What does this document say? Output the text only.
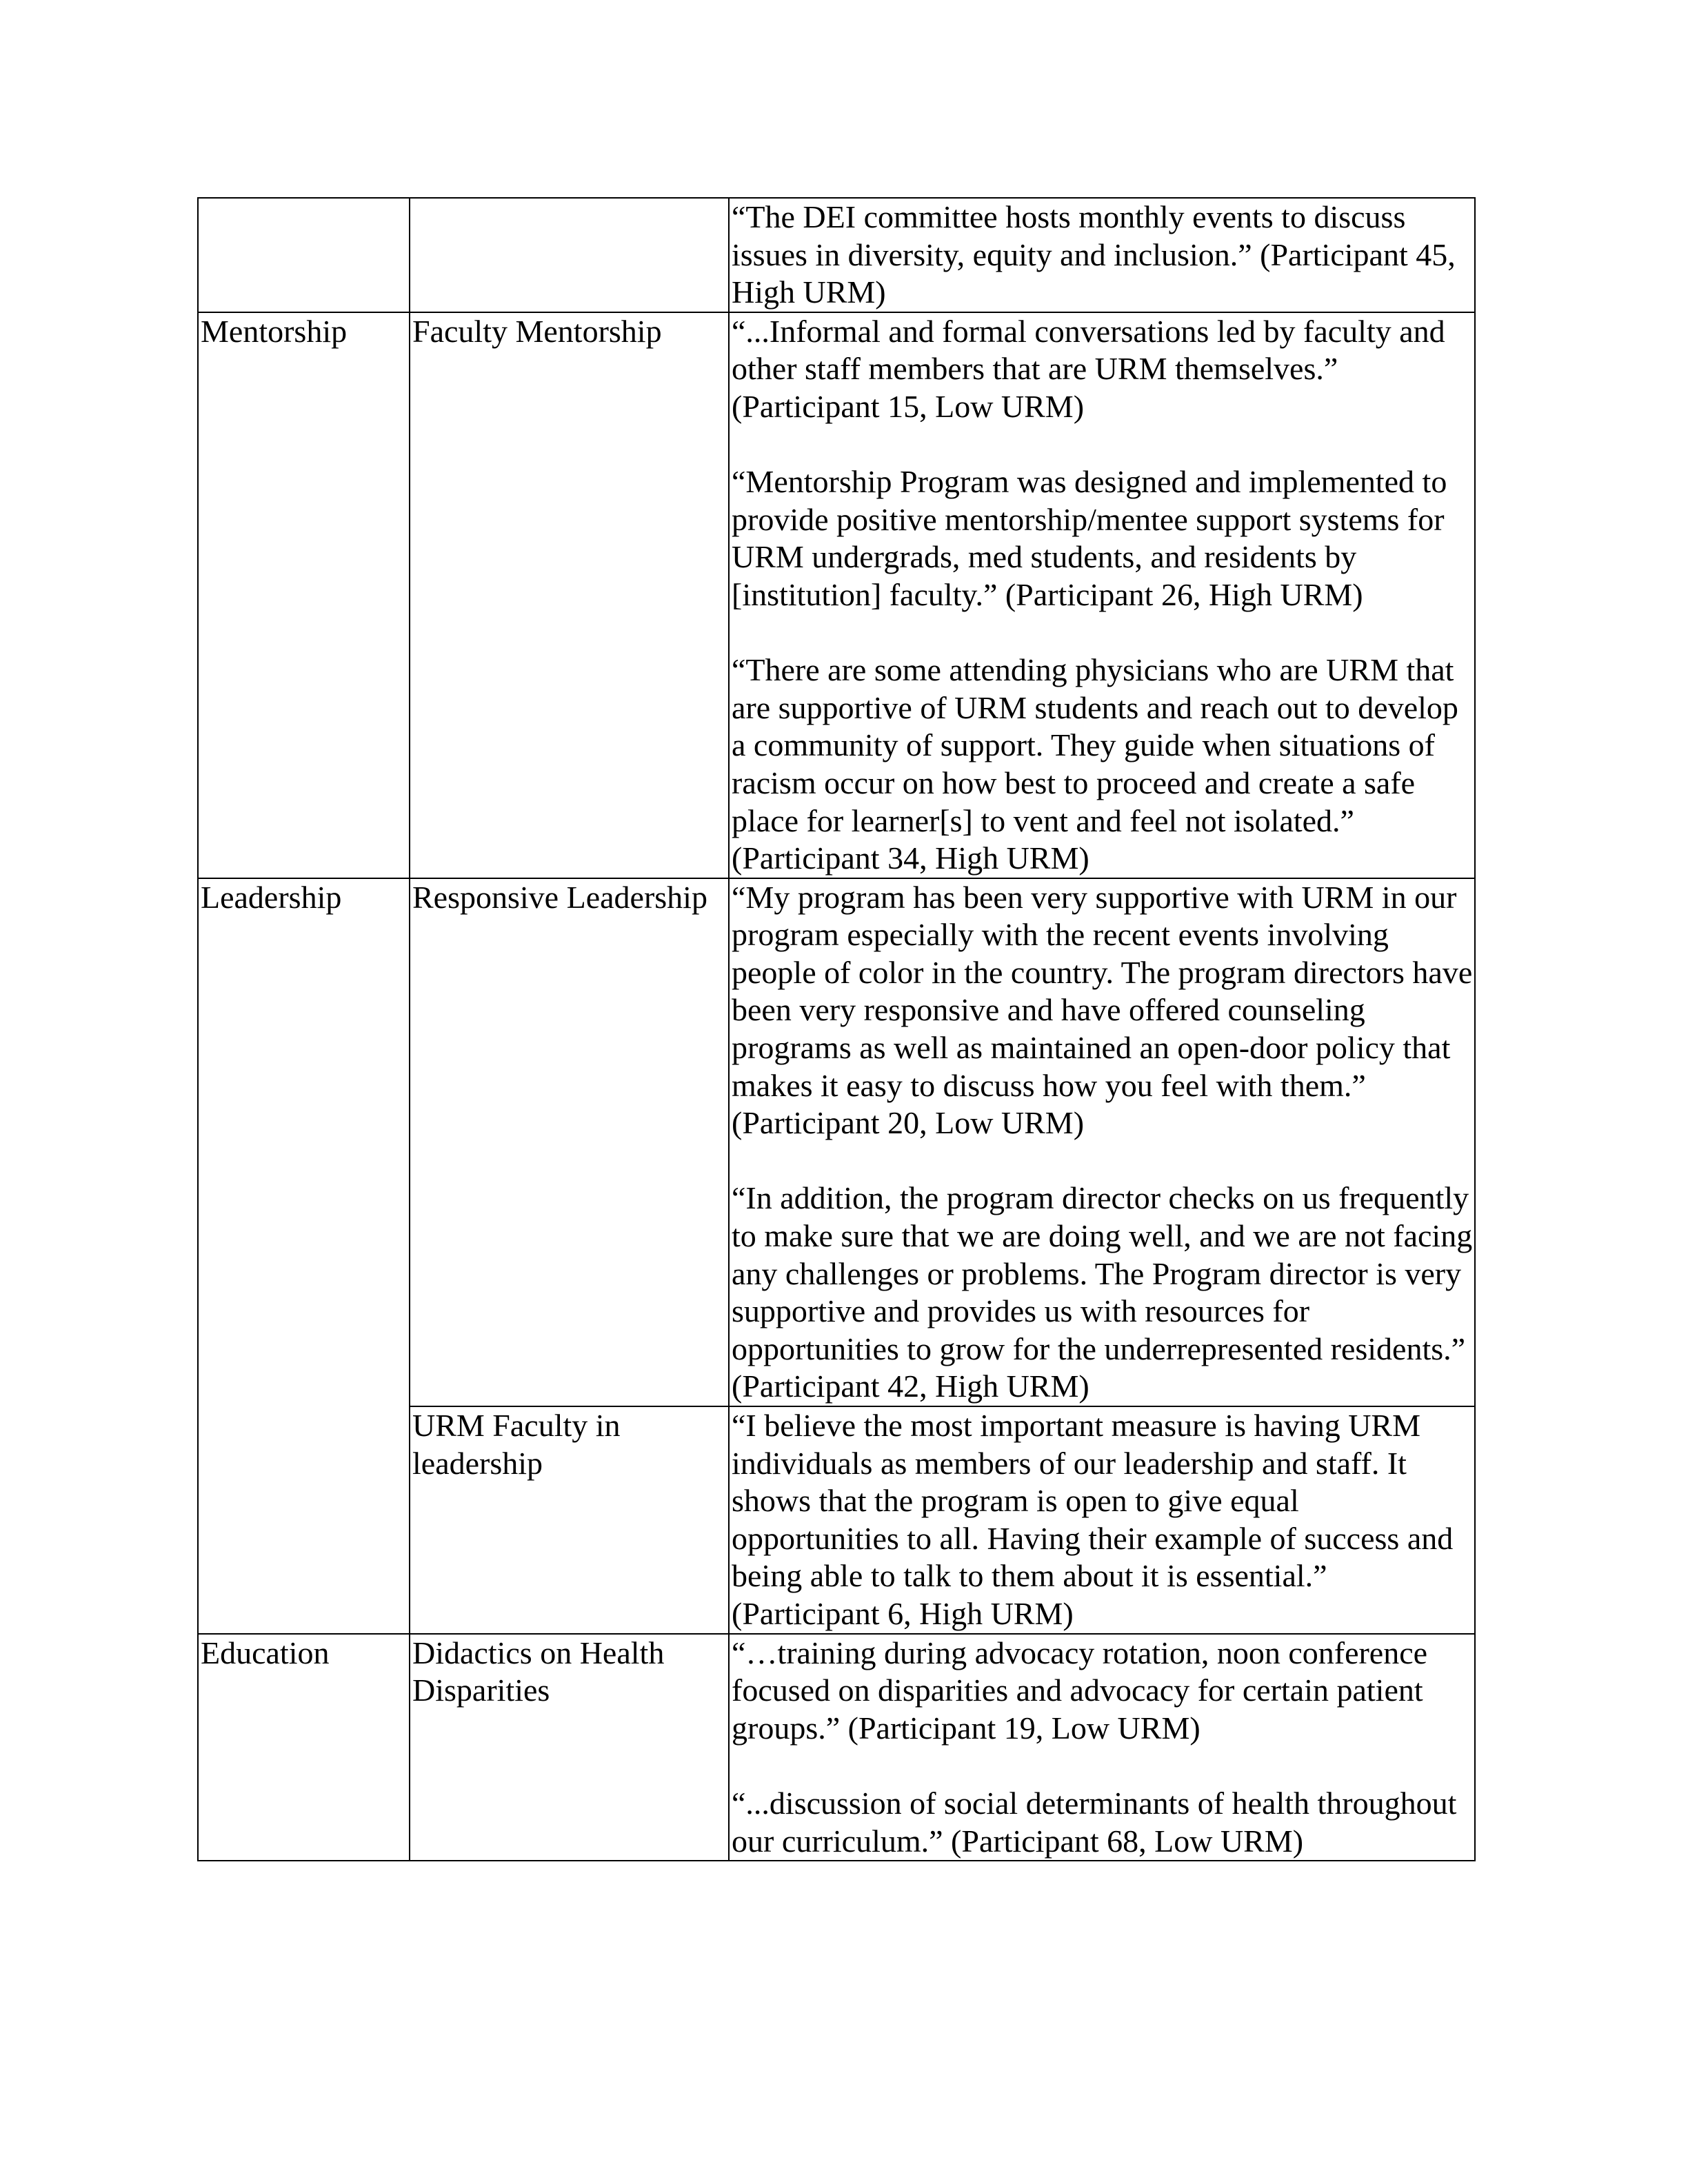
		“The DEI committee hosts monthly events to discuss issues in diversity, equity and inclusion.” (Participant 45, High URM)

Mentorship	Faculty Mentorship	“...Informal and formal conversations led by faculty and other staff members that are URM themselves.” (Participant 15, Low URM)
“Mentorship Program was designed and implemented to provide positive mentorship/mentee support systems for URM undergrads, med students, and residents by [institution] faculty.” (Participant 26, High URM)
“There are some attending physicians who are URM that are supportive of URM students and reach out to develop a community of support. They guide when situations of racism occur on how best to proceed and create a safe place for learner[s] to vent and feel not isolated.” (Participant 34, High URM)

Leadership	Responsive Leadership	“My program has been very supportive with URM in our program especially with the recent events involving people of color in the country. The program directors have been very responsive and have offered counseling programs as well as maintained an open-door policy that makes it easy to discuss how you feel with them.” (Participant 20, Low URM)
“In addition, the program director checks on us frequently to make sure that we are doing well, and we are not facing any challenges or problems. The Program director is very supportive and provides us with resources for opportunities to grow for the underrepresented residents.” (Participant 42, High URM)

	URM Faculty in leadership	“I believe the most important measure is having URM individuals as members of our leadership and staff. It shows that the program is open to give equal opportunities to all. Having their example of success and being able to talk to them about it is essential.” (Participant 6, High URM)

Education	Didactics on Health Disparities	“…training during advocacy rotation, noon conference focused on disparities and advocacy for certain patient groups.” (Participant 19, Low URM)
“...discussion of social determinants of health throughout our curriculum.” (Participant 68, Low URM)
